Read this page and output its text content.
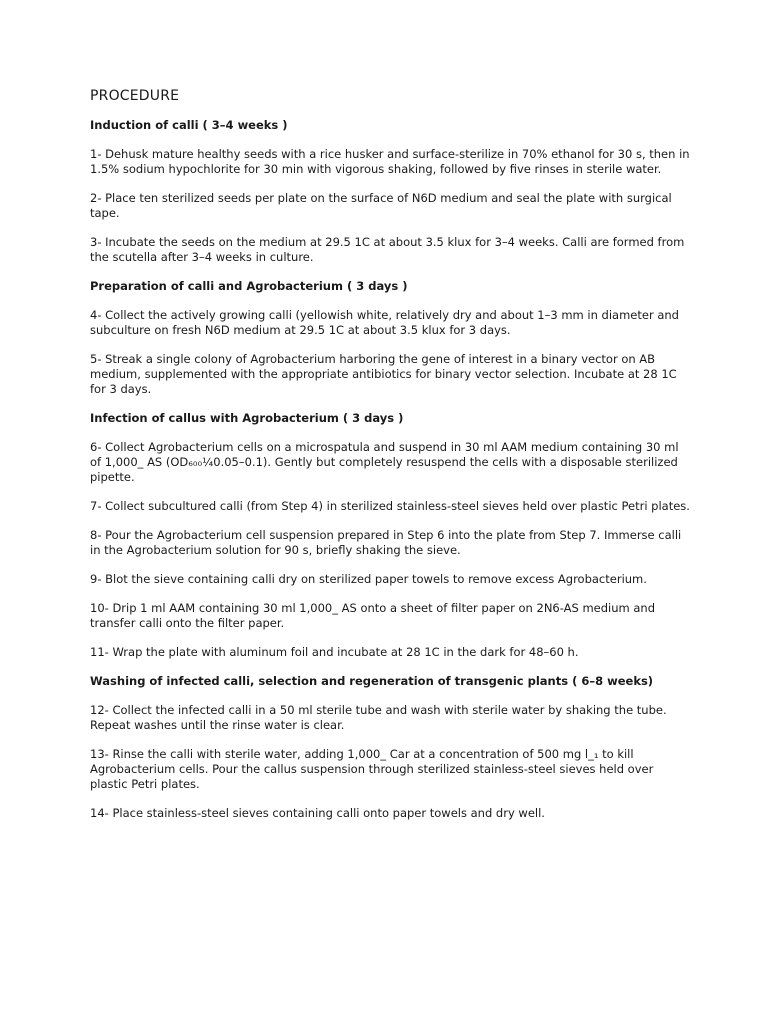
PROCEDURE
Induction of calli ( 3–4 weeks )
1- Dehusk mature healthy seeds with a rice husker and surface-sterilize in 70% ethanol for 30 s, then in
1.5% sodium hypochlorite for 30 min with vigorous shaking, followed by five rinses in sterile water.
2- Place ten sterilized seeds per plate on the surface of N6D medium and seal the plate with surgical tape.
3- Incubate the seeds on the medium at 29.5 1C at about 3.5 klux for 3–4 weeks. Calli are formed from the scutella after 3–4 weeks in culture.
Preparation of calli and Agrobacterium ( 3 days )
4- Collect the actively growing calli (yellowish white, relatively dry and about 1–3 mm in diameter and subculture on fresh N6D medium at 29.5 1C at about 3.5 klux for 3 days.
5- Streak a single colony of Agrobacterium harboring the gene of interest in a binary vector on AB medium, supplemented with the appropriate antibiotics for binary vector selection. Incubate at 28 1C for 3 days.
Infection of callus with Agrobacterium ( 3 days )
6- Collect Agrobacterium cells on a microspatula and suspend in 30 ml AAM medium containing 30 ml of 1,000_ AS (OD₆₀₀¼0.05–0.1). Gently but completely resuspend the cells with a disposable sterilized pipette.
7- Collect subcultured calli (from Step 4) in sterilized stainless-steel sieves held over plastic Petri plates.
8- Pour the Agrobacterium cell suspension prepared in Step 6 into the plate from Step 7. Immerse calli in the Agrobacterium solution for 90 s, briefly shaking the sieve.
9- Blot the sieve containing calli dry on sterilized paper towels to remove excess Agrobacterium.
10- Drip 1 ml AAM containing 30 ml 1,000_ AS onto a sheet of filter paper on 2N6-AS medium and transfer calli onto the filter paper.
11- Wrap the plate with aluminum foil and incubate at 28 1C in the dark for 48–60 h.
Washing of infected calli, selection and regeneration of transgenic plants ( 6–8 weeks)
12- Collect the infected calli in a 50 ml sterile tube and wash with sterile water by shaking the tube. Repeat washes until the rinse water is clear.
13- Rinse the calli with sterile water, adding 1,000_ Car at a concentration of 500 mg l_₁ to kill Agrobacterium cells. Pour the callus suspension through sterilized stainless-steel sieves held over plastic Petri plates.
14- Place stainless-steel sieves containing calli onto paper towels and dry well.
